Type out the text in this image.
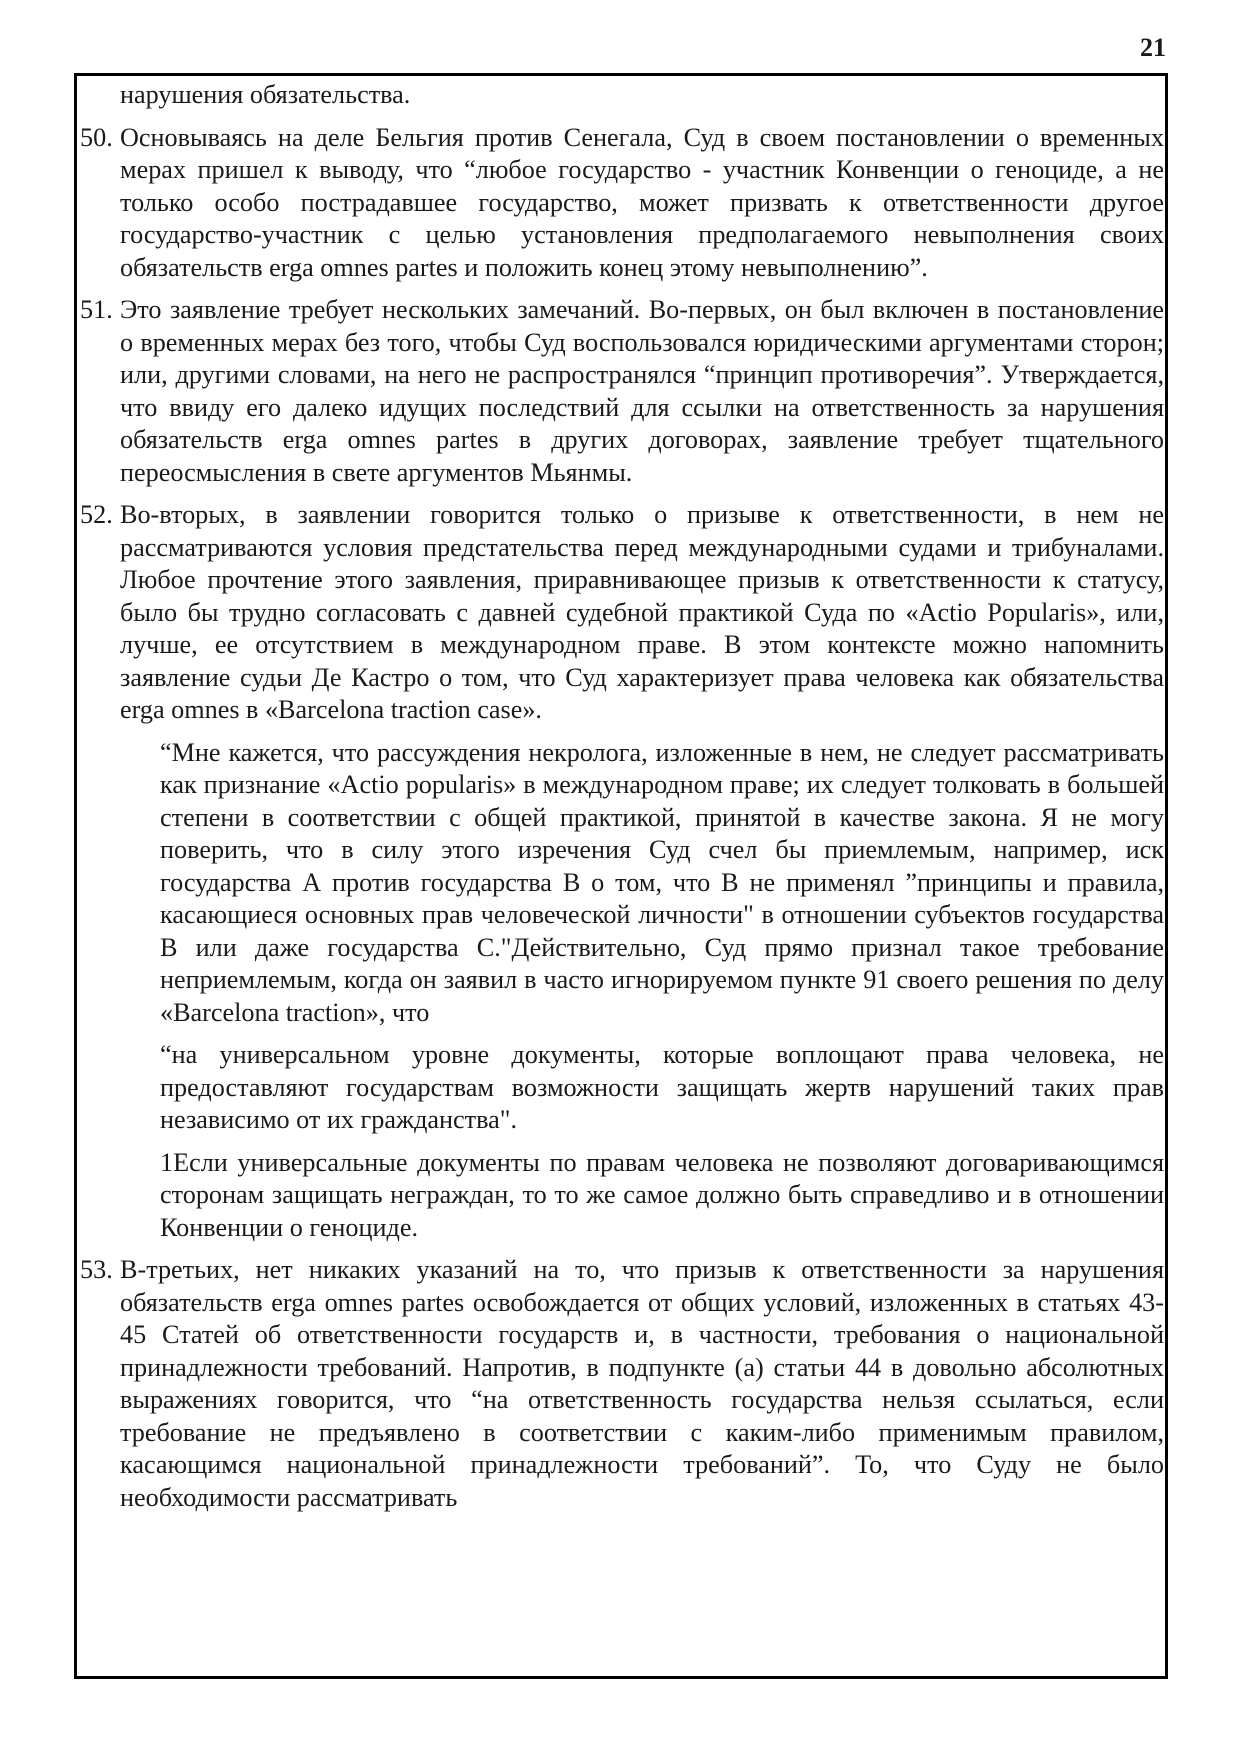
21

нарушения обязательства.

50. Основываясь на деле Бельгия против Сенегала, Суд в своем постановлении о временных мерах пришел к выводу, что “любое государство - участник Конвенции о геноциде, а не только особо пострадавшее государство, может призвать к ответственности другое государство-участник с целью установления предполагаемого невыполнения своих обязательств erga omnes partes и положить конец этому невыполнению”.

51. Это заявление требует нескольких замечаний. Во-первых, он был включен в постановление о временных мерах без того, чтобы Суд воспользовался юридическими аргументами сторон; или, другими словами, на него не распространялся “принцип противоречия”. Утверждается, что ввиду его далеко идущих последствий для ссылки на ответственность за нарушения обязательств erga omnes partes в других договорах, заявление требует тщательного переосмысления в свете аргументов Мьянмы.

52. Во-вторых, в заявлении говорится только о призыве к ответственности, в нем не рассматриваются условия предстательства перед международными судами и трибуналами. Любое прочтение этого заявления, приравнивающее призыв к ответственности к статусу, было бы трудно согласовать с давней судебной практикой Суда по «Actio Popularis», или, лучше, ее отсутствием в международном праве. В этом контексте можно напомнить заявление судьи Де Кастро о том, что Суд характеризует права человека как обязательства erga omnes в «Barcelona traction case».

“Мне кажется, что рассуждения некролога, изложенные в нем, не следует рассматривать как признание «Actio popularis» в международном праве; их следует толковать в большей степени в соответствии с общей практикой, принятой в качестве закона. Я не могу поверить, что в силу этого изречения Суд счел бы приемлемым, например, иск государства А против государства В о том, что В не применял ”принципы и правила, касающиеся основных прав человеческой личности" в отношении субъектов государства В или даже государства С."Действительно, Суд прямо признал такое требование неприемлемым, когда он заявил в часто игнорируемом пункте 91 своего решения по делу «Barcelona traction», что

“на универсальном уровне документы, которые воплощают права человека, не предоставляют государствам возможности защищать жертв нарушений таких прав независимо от их гражданства".

1Если универсальные документы по правам человека не позволяют договаривающимся сторонам защищать неграждан, то то же самое должно быть справедливо и в отношении Конвенции о геноциде.

53. В-третьих, нет никаких указаний на то, что призыв к ответственности за нарушения обязательств erga omnes partes освобождается от общих условий, изложенных в статьях 43-45 Статей об ответственности государств и, в частности, требования о национальной принадлежности требований. Напротив, в подпункте (а) статьи 44 в довольно абсолютных выражениях говорится, что “на ответственность государства нельзя ссылаться, если требование не предъявлено в соответствии с каким-либо применимым правилом, касающимся национальной принадлежности требований”. То, что Суду не было необходимости рассматривать
